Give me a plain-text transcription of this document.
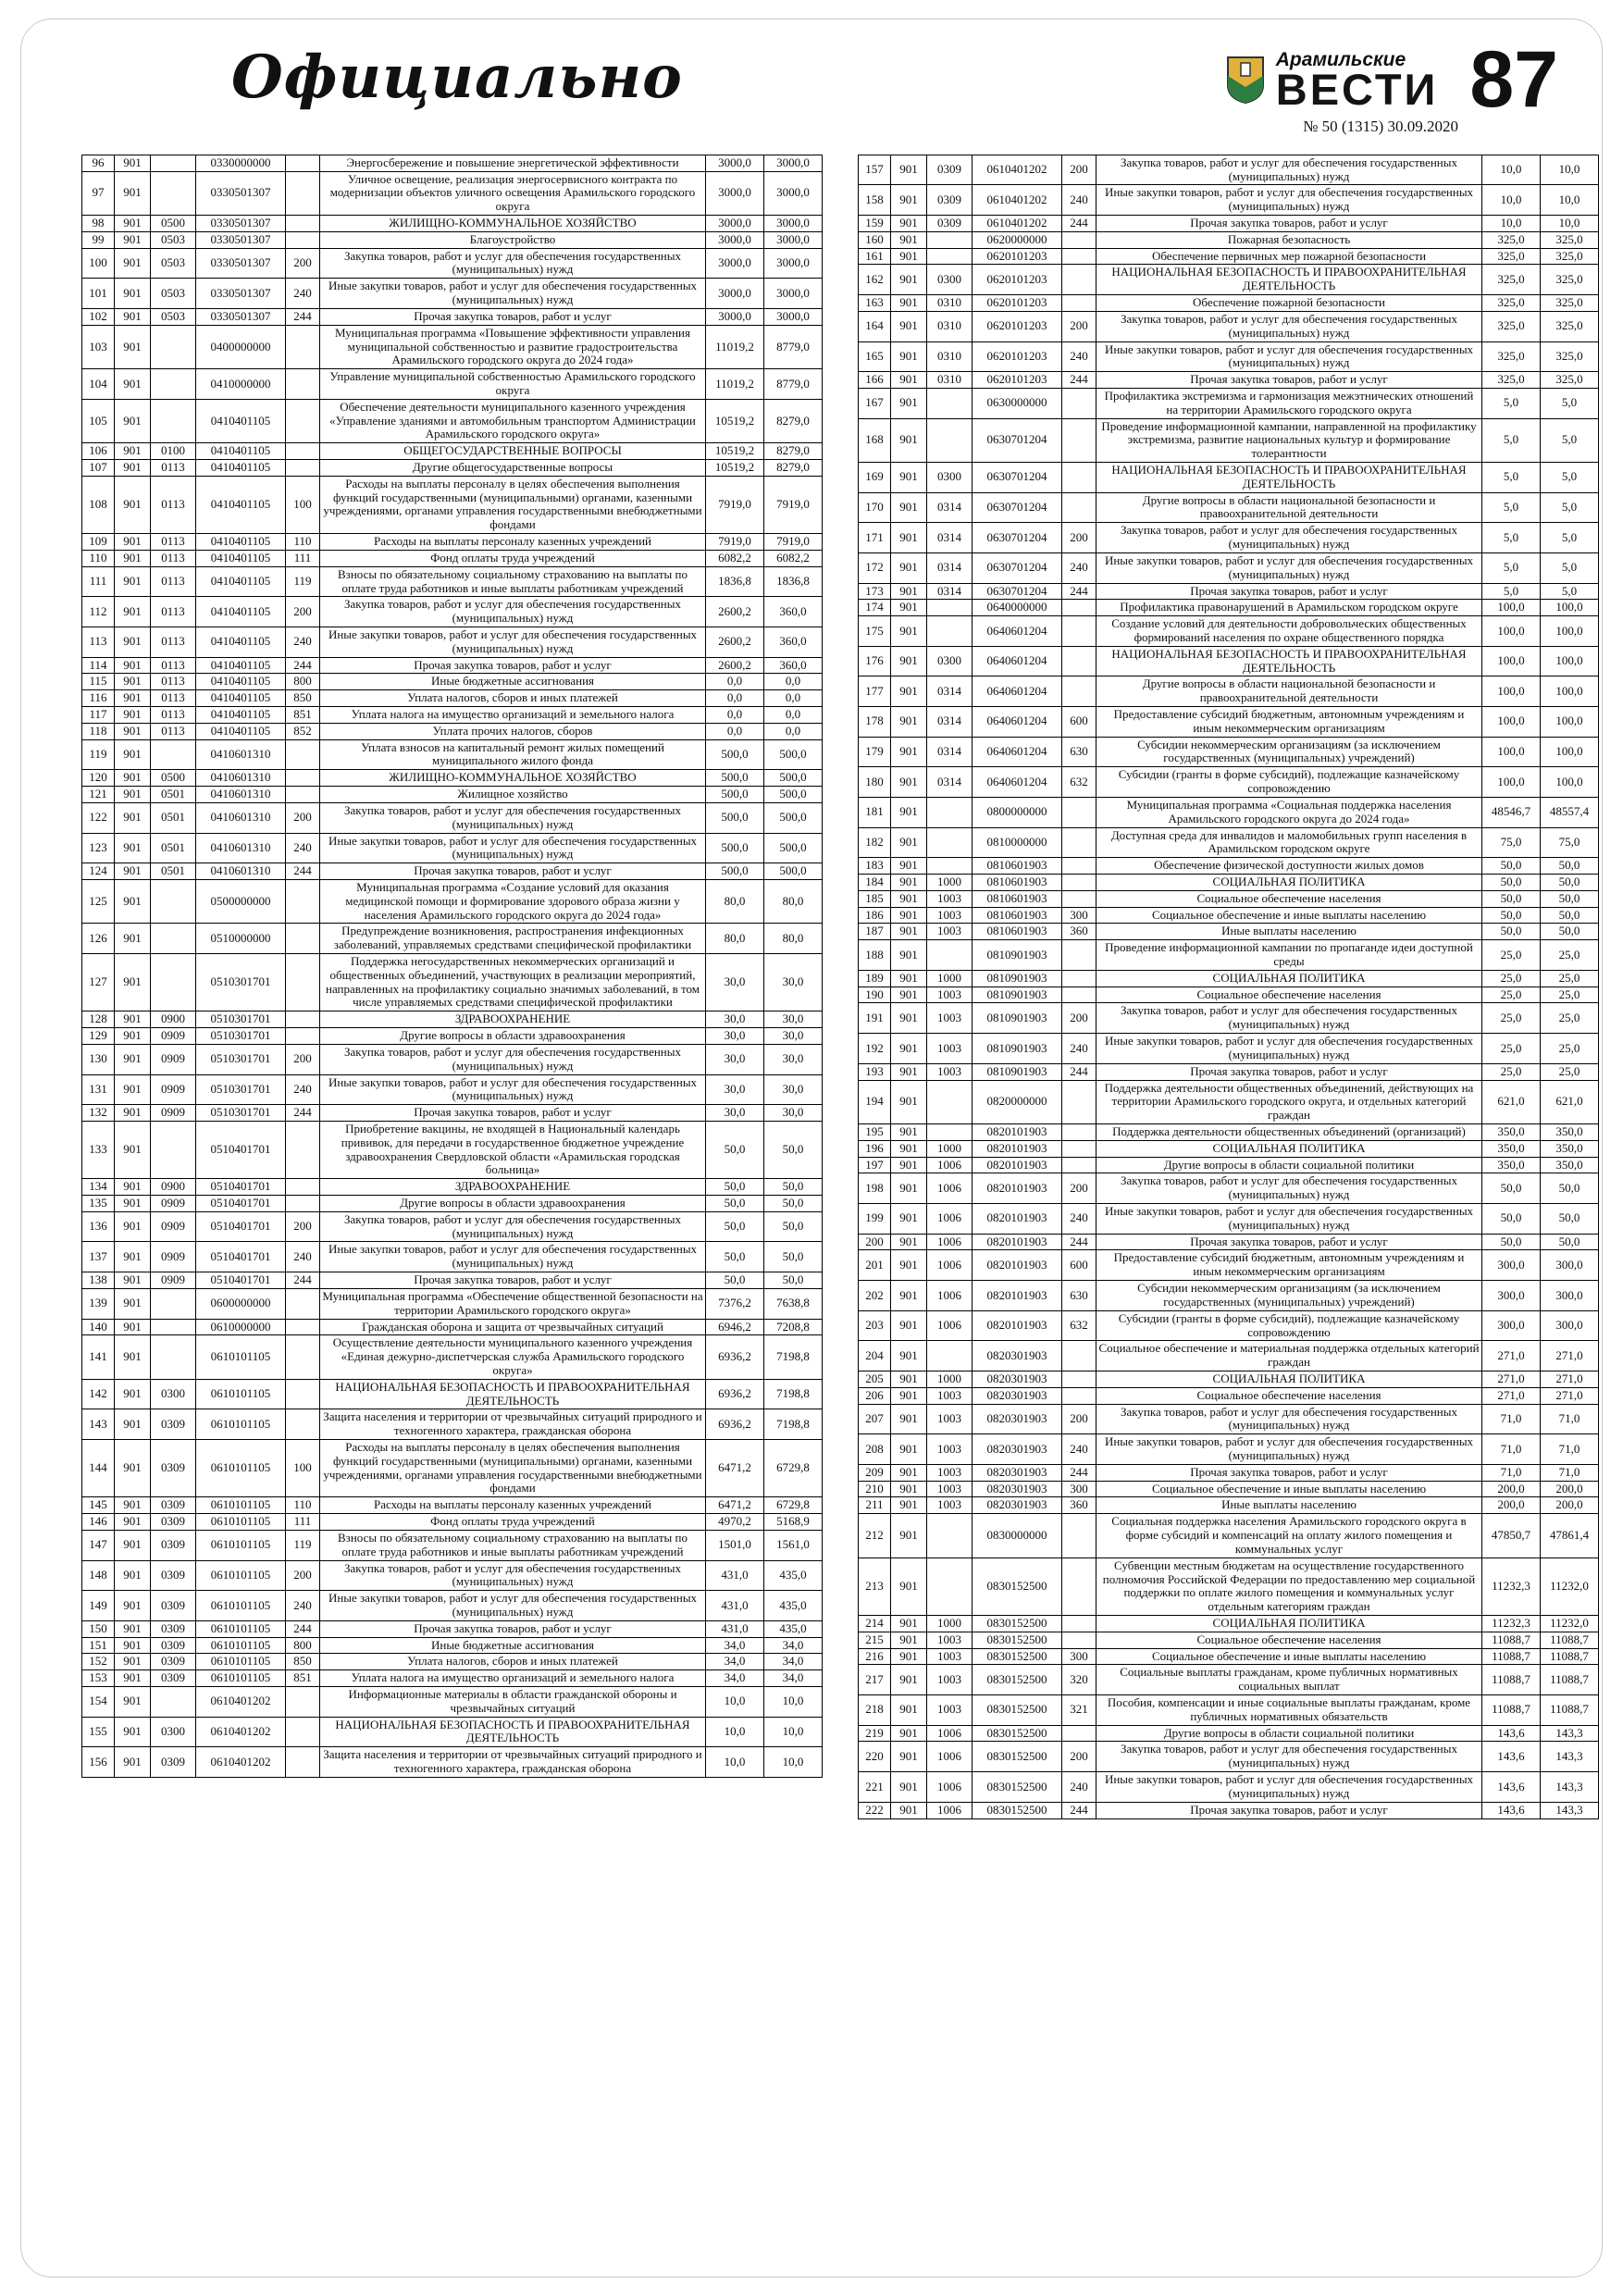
Официально	Арамильские
ВЕСТИ 87
№ 50 (1315) 30.09.2020
96	901		0330000000		Энергосбережение и повышение энергетической эффективности	3000,0	3000,0
97	901		0330501307		Уличное освещение, реализация энергосервисного контракта по модернизации объектов уличного освещения Арамильского городского округа	3000,0	3000,0
98	901	0500	0330501307		ЖИЛИЩНО-КОММУНАЛЬНОЕ ХОЗЯЙСТВО	3000,0	3000,0
99	901	0503	0330501307		Благоустройство	3000,0	3000,0
100	901	0503	0330501307	200	Закупка товаров, работ и услуг для обеспечения государственных (муниципальных) нужд	3000,0	3000,0
101	901	0503	0330501307	240	Иные закупки товаров, работ и услуг для обеспечения государственных (муниципальных) нужд	3000,0	3000,0
102	901	0503	0330501307	244	Прочая закупка товаров, работ и услуг	3000,0	3000,0
103	901		0400000000		Муниципальная программа «Повышение эффективности управления муниципальной собственностью и развитие градостроительства Арамильского городского округа до 2024 года»	11019,2	8779,0
104	901		0410000000		Управление муниципальной собственностью Арамильского городского округа	11019,2	8779,0
105	901		0410401105		Обеспечение деятельности муниципального казенного учреждения «Управление зданиями и автомобильным транспортом Администрации Арамильского городского округа»	10519,2	8279,0
106	901	0100	0410401105		ОБЩЕГОСУДАРСТВЕННЫЕ ВОПРОСЫ	10519,2	8279,0
107	901	0113	0410401105		Другие общегосударственные вопросы	10519,2	8279,0
108	901	0113	0410401105	100	Расходы на выплаты персоналу в целях обеспечения выполнения функций государственными (муниципальными) органами, казенными учреждениями, органами управления государственными внебюджетными фондами	7919,0	7919,0
109	901	0113	0410401105	110	Расходы на выплаты персоналу казенных учреждений	7919,0	7919,0
110	901	0113	0410401105	111	Фонд оплаты труда учреждений	6082,2	6082,2
111	901	0113	0410401105	119	Взносы по обязательному социальному страхованию на выплаты по оплате труда работников и иные выплаты работникам учреждений	1836,8	1836,8
112	901	0113	0410401105	200	Закупка товаров, работ и услуг для обеспечения государственных (муниципальных) нужд	2600,2	360,0
113	901	0113	0410401105	240	Иные закупки товаров, работ и услуг для обеспечения государственных (муниципальных) нужд	2600,2	360,0
114	901	0113	0410401105	244	Прочая закупка товаров, работ и услуг	2600,2	360,0
115	901	0113	0410401105	800	Иные бюджетные ассигнования	0,0	0,0
116	901	0113	0410401105	850	Уплата налогов, сборов и иных платежей	0,0	0,0
117	901	0113	0410401105	851	Уплата налога на имущество организаций и земельного налога	0,0	0,0
118	901	0113	0410401105	852	Уплата прочих налогов, сборов	0,0	0,0
119	901		0410601310		Уплата взносов на капитальный ремонт жилых помещений муниципального жилого фонда	500,0	500,0
120	901	0500	0410601310		ЖИЛИЩНО-КОММУНАЛЬНОЕ ХОЗЯЙСТВО	500,0	500,0
121	901	0501	0410601310		Жилищное хозяйство	500,0	500,0
122	901	0501	0410601310	200	Закупка товаров, работ и услуг для обеспечения государственных (муниципальных) нужд	500,0	500,0
123	901	0501	0410601310	240	Иные закупки товаров, работ и услуг для обеспечения государственных (муниципальных) нужд	500,0	500,0
124	901	0501	0410601310	244	Прочая закупка товаров, работ и услуг	500,0	500,0
125	901		0500000000		Муниципальная программа «Создание условий для оказания медицинской помощи и формирование здорового образа жизни у населения Арамильского городского округа до 2024 года»	80,0	80,0
126	901		0510000000		Предупреждение возникновения, распространения инфекционных заболеваний, управляемых средствами специфической профилактики	80,0	80,0
127	901		0510301701		Поддержка негосударственных некоммерческих организаций и общественных объединений, участвующих в реализации мероприятий, направленных на профилактику социально значимых заболеваний, в том числе управляемых средствами специфической профилактики	30,0	30,0
128	901	0900	0510301701		ЗДРАВООХРАНЕНИЕ	30,0	30,0
129	901	0909	0510301701		Другие вопросы в области здравоохранения	30,0	30,0
130	901	0909	0510301701	200	Закупка товаров, работ и услуг для обеспечения государственных (муниципальных) нужд	30,0	30,0
131	901	0909	0510301701	240	Иные закупки товаров, работ и услуг для обеспечения государственных (муниципальных) нужд	30,0	30,0
132	901	0909	0510301701	244	Прочая закупка товаров, работ и услуг	30,0	30,0
133	901		0510401701		Приобретение вакцины, не входящей в Национальный календарь прививок, для передачи в государственное бюджетное учреждение здравоохранения Свердловской области «Арамильская городская больница»	50,0	50,0
134	901	0900	0510401701		ЗДРАВООХРАНЕНИЕ	50,0	50,0
135	901	0909	0510401701		Другие вопросы в области здравоохранения	50,0	50,0
136	901	0909	0510401701	200	Закупка товаров, работ и услуг для обеспечения государственных (муниципальных) нужд	50,0	50,0
137	901	0909	0510401701	240	Иные закупки товаров, работ и услуг для обеспечения государственных (муниципальных) нужд	50,0	50,0
138	901	0909	0510401701	244	Прочая закупка товаров, работ и услуг	50,0	50,0
139	901		0600000000		Муниципальная программа «Обеспечение общественной безопасности на территории Арамильского городского округа»	7376,2	7638,8
140	901		0610000000		Гражданская оборона и защита от чрезвычайных ситуаций	6946,2	7208,8
141	901		0610101105		Осуществление деятельности муниципального казенного учреждения «Единая дежурно-диспетчерская служба Арамильского городского округа»	6936,2	7198,8
142	901	0300	0610101105		НАЦИОНАЛЬНАЯ БЕЗОПАСНОСТЬ И ПРАВООХРАНИТЕЛЬНАЯ ДЕЯТЕЛЬНОСТЬ	6936,2	7198,8
143	901	0309	0610101105		Защита населения и территории от чрезвычайных ситуаций природного и техногенного характера, гражданская оборона	6936,2	7198,8
144	901	0309	0610101105	100	Расходы на выплаты персоналу в целях обеспечения выполнения функций государственными (муниципальными) органами, казенными учреждениями, органами управления государственными внебюджетными фондами	6471,2	6729,8
145	901	0309	0610101105	110	Расходы на выплаты персоналу казенных учреждений	6471,2	6729,8
146	901	0309	0610101105	111	Фонд оплаты труда учреждений	4970,2	5168,9
147	901	0309	0610101105	119	Взносы по обязательному социальному страхованию на выплаты по оплате труда работников и иные выплаты работникам учреждений	1501,0	1561,0
148	901	0309	0610101105	200	Закупка товаров, работ и услуг для обеспечения государственных (муниципальных) нужд	431,0	435,0
149	901	0309	0610101105	240	Иные закупки товаров, работ и услуг для обеспечения государственных (муниципальных) нужд	431,0	435,0
150	901	0309	0610101105	244	Прочая закупка товаров, работ и услуг	431,0	435,0
151	901	0309	0610101105	800	Иные бюджетные ассигнования	34,0	34,0
152	901	0309	0610101105	850	Уплата налогов, сборов и иных платежей	34,0	34,0
153	901	0309	0610101105	851	Уплата налога на имущество организаций и земельного налога	34,0	34,0
154	901		0610401202		Информационные материалы в области гражданской обороны и чрезвычайных ситуаций	10,0	10,0
155	901	0300	0610401202		НАЦИОНАЛЬНАЯ БЕЗОПАСНОСТЬ И ПРАВООХРАНИТЕЛЬНАЯ ДЕЯТЕЛЬНОСТЬ	10,0	10,0
156	901	0309	0610401202		Защита населения и территории от чрезвычайных ситуаций природного и техногенного характера, гражданская оборона	10,0	10,0
157	901	0309	0610401202	200	Закупка товаров, работ и услуг для обеспечения государственных (муниципальных) нужд	10,0	10,0
158	901	0309	0610401202	240	Иные закупки товаров, работ и услуг для обеспечения государственных (муниципальных) нужд	10,0	10,0
159	901	0309	0610401202	244	Прочая закупка товаров, работ и услуг	10,0	10,0
160	901		0620000000		Пожарная безопасность	325,0	325,0
161	901		0620101203		Обеспечение первичных мер пожарной безопасности	325,0	325,0
162	901	0300	0620101203		НАЦИОНАЛЬНАЯ БЕЗОПАСНОСТЬ И ПРАВООХРАНИТЕЛЬНАЯ ДЕЯТЕЛЬНОСТЬ	325,0	325,0
163	901	0310	0620101203		Обеспечение пожарной безопасности	325,0	325,0
164	901	0310	0620101203	200	Закупка товаров, работ и услуг для обеспечения государственных (муниципальных) нужд	325,0	325,0
165	901	0310	0620101203	240	Иные закупки товаров, работ и услуг для обеспечения государственных (муниципальных) нужд	325,0	325,0
166	901	0310	0620101203	244	Прочая закупка товаров, работ и услуг	325,0	325,0
167	901		0630000000		Профилактика экстремизма и гармонизация межэтнических отношений на территории Арамильского городского округа	5,0	5,0
168	901		0630701204		Проведение информационной кампании, направленной на профилактику экстремизма, развитие национальных культур и формирование толерантности	5,0	5,0
169	901	0300	0630701204		НАЦИОНАЛЬНАЯ БЕЗОПАСНОСТЬ И ПРАВООХРАНИТЕЛЬНАЯ ДЕЯТЕЛЬНОСТЬ	5,0	5,0
170	901	0314	0630701204		Другие вопросы в области национальной безопасности и правоохранительной деятельности	5,0	5,0
171	901	0314	0630701204	200	Закупка товаров, работ и услуг для обеспечения государственных (муниципальных) нужд	5,0	5,0
172	901	0314	0630701204	240	Иные закупки товаров, работ и услуг для обеспечения государственных (муниципальных) нужд	5,0	5,0
173	901	0314	0630701204	244	Прочая закупка товаров, работ и услуг	5,0	5,0
174	901		0640000000		Профилактика правонарушений в Арамильском городском округе	100,0	100,0
175	901		0640601204		Создание условий для деятельности добровольческих общественных формирований населения по охране общественного порядка	100,0	100,0
176	901	0300	0640601204		НАЦИОНАЛЬНАЯ БЕЗОПАСНОСТЬ И ПРАВООХРАНИТЕЛЬНАЯ ДЕЯТЕЛЬНОСТЬ	100,0	100,0
177	901	0314	0640601204		Другие вопросы в области национальной безопасности и правоохранительной деятельности	100,0	100,0
178	901	0314	0640601204	600	Предоставление субсидий бюджетным, автономным учреждениям и иным некоммерческим организациям	100,0	100,0
179	901	0314	0640601204	630	Субсидии некоммерческим организациям (за исключением государственных (муниципальных) учреждений)	100,0	100,0
180	901	0314	0640601204	632	Субсидии (гранты в форме субсидий), подлежащие казначейскому сопровождению	100,0	100,0
181	901		0800000000		Муниципальная программа «Социальная поддержка населения Арамильского городского округа до 2024 года»	48546,7	48557,4
182	901		0810000000		Доступная среда для инвалидов и маломобильных групп населения в Арамильском городском округе	75,0	75,0
183	901		0810601903		Обеспечение физической доступности жилых домов	50,0	50,0
184	901	1000	0810601903		СОЦИАЛЬНАЯ ПОЛИТИКА	50,0	50,0
185	901	1003	0810601903		Социальное обеспечение населения	50,0	50,0
186	901	1003	0810601903	300	Социальное обеспечение и иные выплаты населению	50,0	50,0
187	901	1003	0810601903	360	Иные выплаты населению	50,0	50,0
188	901		0810901903		Проведение информационной кампании по пропаганде идеи доступной среды	25,0	25,0
189	901	1000	0810901903		СОЦИАЛЬНАЯ ПОЛИТИКА	25,0	25,0
190	901	1003	0810901903		Социальное обеспечение населения	25,0	25,0
191	901	1003	0810901903	200	Закупка товаров, работ и услуг для обеспечения государственных (муниципальных) нужд	25,0	25,0
192	901	1003	0810901903	240	Иные закупки товаров, работ и услуг для обеспечения государственных (муниципальных) нужд	25,0	25,0
193	901	1003	0810901903	244	Прочая закупка товаров, работ и услуг	25,0	25,0
194	901		0820000000		Поддержка деятельности общественных объединений, действующих на территории Арамильского городского округа, и отдельных категорий граждан	621,0	621,0
195	901		0820101903		Поддержка деятельности общественных объединений (организаций)	350,0	350,0
196	901	1000	0820101903		СОЦИАЛЬНАЯ ПОЛИТИКА	350,0	350,0
197	901	1006	0820101903		Другие вопросы в области социальной политики	350,0	350,0
198	901	1006	0820101903	200	Закупка товаров, работ и услуг для обеспечения государственных (муниципальных) нужд	50,0	50,0
199	901	1006	0820101903	240	Иные закупки товаров, работ и услуг для обеспечения государственных (муниципальных) нужд	50,0	50,0
200	901	1006	0820101903	244	Прочая закупка товаров, работ и услуг	50,0	50,0
201	901	1006	0820101903	600	Предоставление субсидий бюджетным, автономным учреждениям и иным некоммерческим организациям	300,0	300,0
202	901	1006	0820101903	630	Субсидии некоммерческим организациям (за исключением государственных (муниципальных) учреждений)	300,0	300,0
203	901	1006	0820101903	632	Субсидии (гранты в форме субсидий), подлежащие казначейскому сопровождению	300,0	300,0
204	901		0820301903		Социальное обеспечение и материальная поддержка отдельных категорий граждан	271,0	271,0
205	901	1000	0820301903		СОЦИАЛЬНАЯ ПОЛИТИКА	271,0	271,0
206	901	1003	0820301903		Социальное обеспечение населения	271,0	271,0
207	901	1003	0820301903	200	Закупка товаров, работ и услуг для обеспечения государственных (муниципальных) нужд	71,0	71,0
208	901	1003	0820301903	240	Иные закупки товаров, работ и услуг для обеспечения государственных (муниципальных) нужд	71,0	71,0
209	901	1003	0820301903	244	Прочая закупка товаров, работ и услуг	71,0	71,0
210	901	1003	0820301903	300	Социальное обеспечение и иные выплаты населению	200,0	200,0
211	901	1003	0820301903	360	Иные выплаты населению	200,0	200,0
212	901		0830000000		Социальная поддержка населения Арамильского городского округа в форме субсидий и компенсаций на оплату жилого помещения и коммунальных услуг	47850,7	47861,4
213	901		0830152500		Субвенции местным бюджетам на осуществление государственного полномочия Российской Федерации по предоставлению мер социальной поддержки по оплате жилого помещения и коммунальных услуг отдельным категориям граждан	11232,3	11232,0
214	901	1000	0830152500		СОЦИАЛЬНАЯ ПОЛИТИКА	11232,3	11232,0
215	901	1003	0830152500		Социальное обеспечение населения	11088,7	11088,7
216	901	1003	0830152500	300	Социальное обеспечение и иные выплаты населению	11088,7	11088,7
217	901	1003	0830152500	320	Социальные выплаты гражданам, кроме публичных нормативных социальных выплат	11088,7	11088,7
218	901	1003	0830152500	321	Пособия, компенсации и иные социальные выплаты гражданам, кроме публичных нормативных обязательств	11088,7	11088,7
219	901	1006	0830152500		Другие вопросы в области социальной политики	143,6	143,3
220	901	1006	0830152500	200	Закупка товаров, работ и услуг для обеспечения государственных (муниципальных) нужд	143,6	143,3
221	901	1006	0830152500	240	Иные закупки товаров, работ и услуг для обеспечения государственных (муниципальных) нужд	143,6	143,3
222	901	1006	0830152500	244	Прочая закупка товаров, работ и услуг	143,6	143,3
